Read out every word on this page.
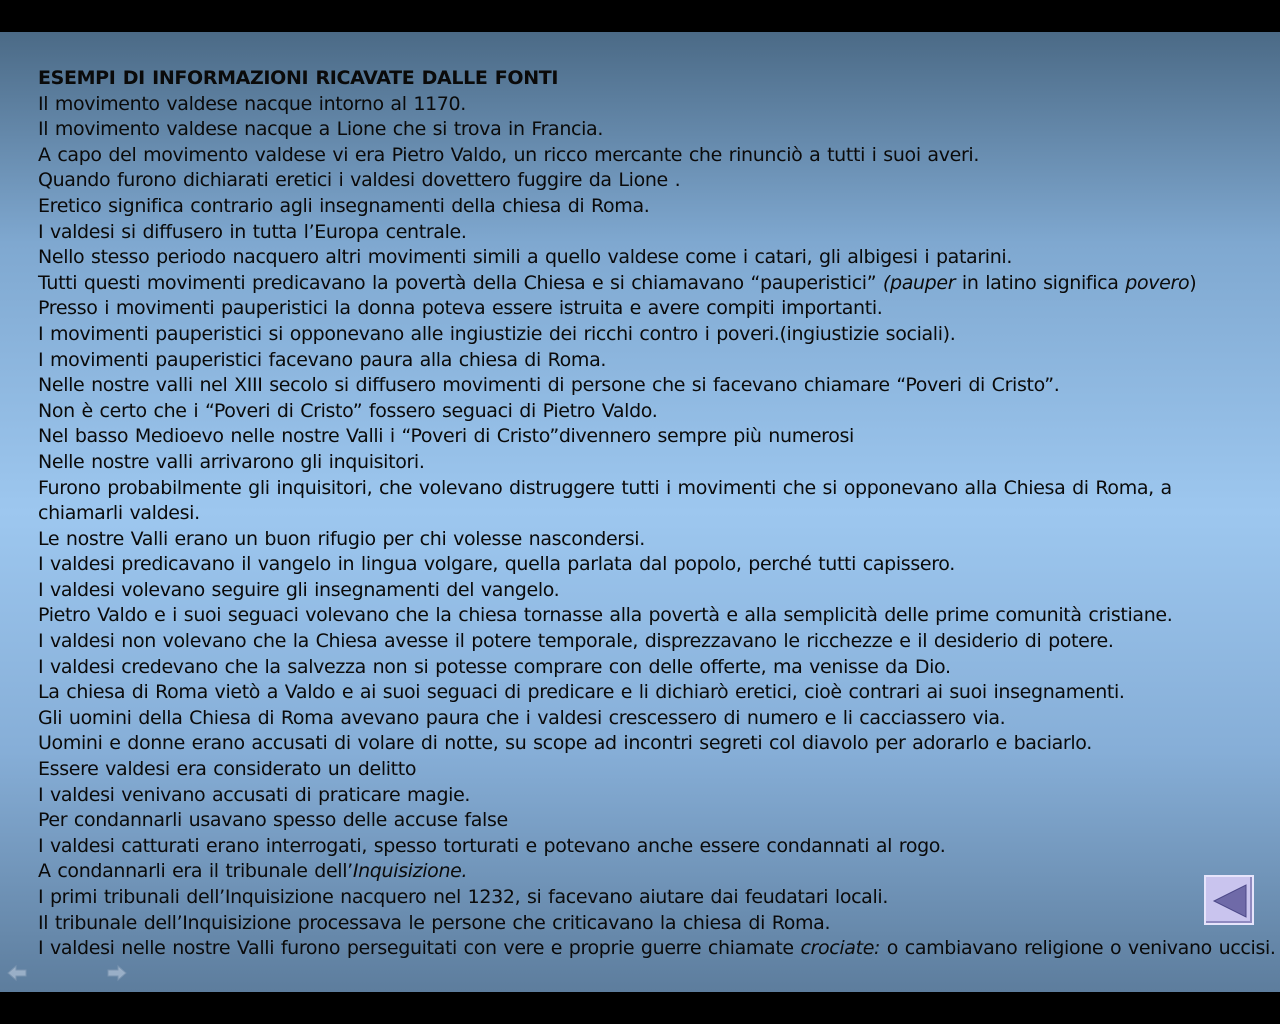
ESEMPI DI INFORMAZIONI RICAVATE DALLE FONTI
Il movimento valdese nacque intorno al 1170.
Il movimento valdese nacque a Lione che si trova in Francia.
A capo del movimento valdese vi era Pietro Valdo, un ricco mercante che rinunciò a tutti i suoi averi.
Quando furono dichiarati eretici i valdesi dovettero fuggire da Lione .
Eretico significa contrario agli insegnamenti della chiesa di Roma.
I valdesi si diffusero in tutta l’Europa centrale.
Nello stesso periodo nacquero altri movimenti simili a quello valdese come i catari, gli albigesi i patarini.
Tutti questi movimenti predicavano la povertà della Chiesa e si chiamavano “pauperistici” (pauper in latino significa povero)
Presso i movimenti pauperistici la donna poteva essere istruita e avere compiti importanti.
I movimenti pauperistici si opponevano alle ingiustizie dei ricchi contro i poveri.(ingiustizie sociali).
I movimenti pauperistici facevano paura alla chiesa di Roma.
Nelle nostre valli nel XIII secolo si diffusero movimenti di persone che si facevano chiamare “Poveri di Cristo”.
Non è certo che i “Poveri di Cristo” fossero seguaci di Pietro Valdo.
Nel basso Medioevo nelle nostre Valli i “Poveri di Cristo”divennero sempre più numerosi
Nelle nostre valli arrivarono gli inquisitori.
Furono probabilmente gli inquisitori, che volevano distruggere tutti i movimenti che si opponevano alla Chiesa di Roma, a chiamarli valdesi.
Le nostre Valli erano un buon rifugio per chi volesse nascondersi.
I valdesi predicavano il vangelo in lingua volgare, quella parlata dal popolo, perché tutti capissero.
I valdesi volevano seguire gli insegnamenti del vangelo.
Pietro Valdo e i suoi seguaci volevano che la chiesa tornasse alla povertà e alla semplicità delle prime comunità cristiane.
I valdesi non volevano che la Chiesa avesse il potere temporale, disprezzavano le ricchezze e il desiderio di potere.
I valdesi credevano che la salvezza non si potesse comprare con delle offerte, ma venisse da Dio.
La chiesa di Roma vietò a Valdo e ai suoi seguaci di predicare e li dichiarò eretici, cioè contrari ai suoi insegnamenti.
Gli uomini della Chiesa di Roma avevano paura che i valdesi crescessero di numero e li cacciassero via.
Uomini e donne erano accusati di volare di notte, su scope ad incontri segreti col diavolo per adorarlo e baciarlo.
Essere valdesi era considerato un delitto
I valdesi venivano accusati di praticare magie.
Per condannarli usavano spesso delle accuse false
I valdesi catturati erano interrogati, spesso torturati e potevano anche essere condannati al rogo.
A condannarli era il tribunale dell’Inquisizione.
I primi tribunali dell’Inquisizione nacquero nel 1232, si facevano aiutare dai feudatari locali.
Il tribunale dell’Inquisizione processava le persone che criticavano la chiesa di Roma.
I valdesi nelle nostre Valli furono perseguitati con vere e proprie guerre chiamate crociate: o cambiavano religione o venivano uccisi.
